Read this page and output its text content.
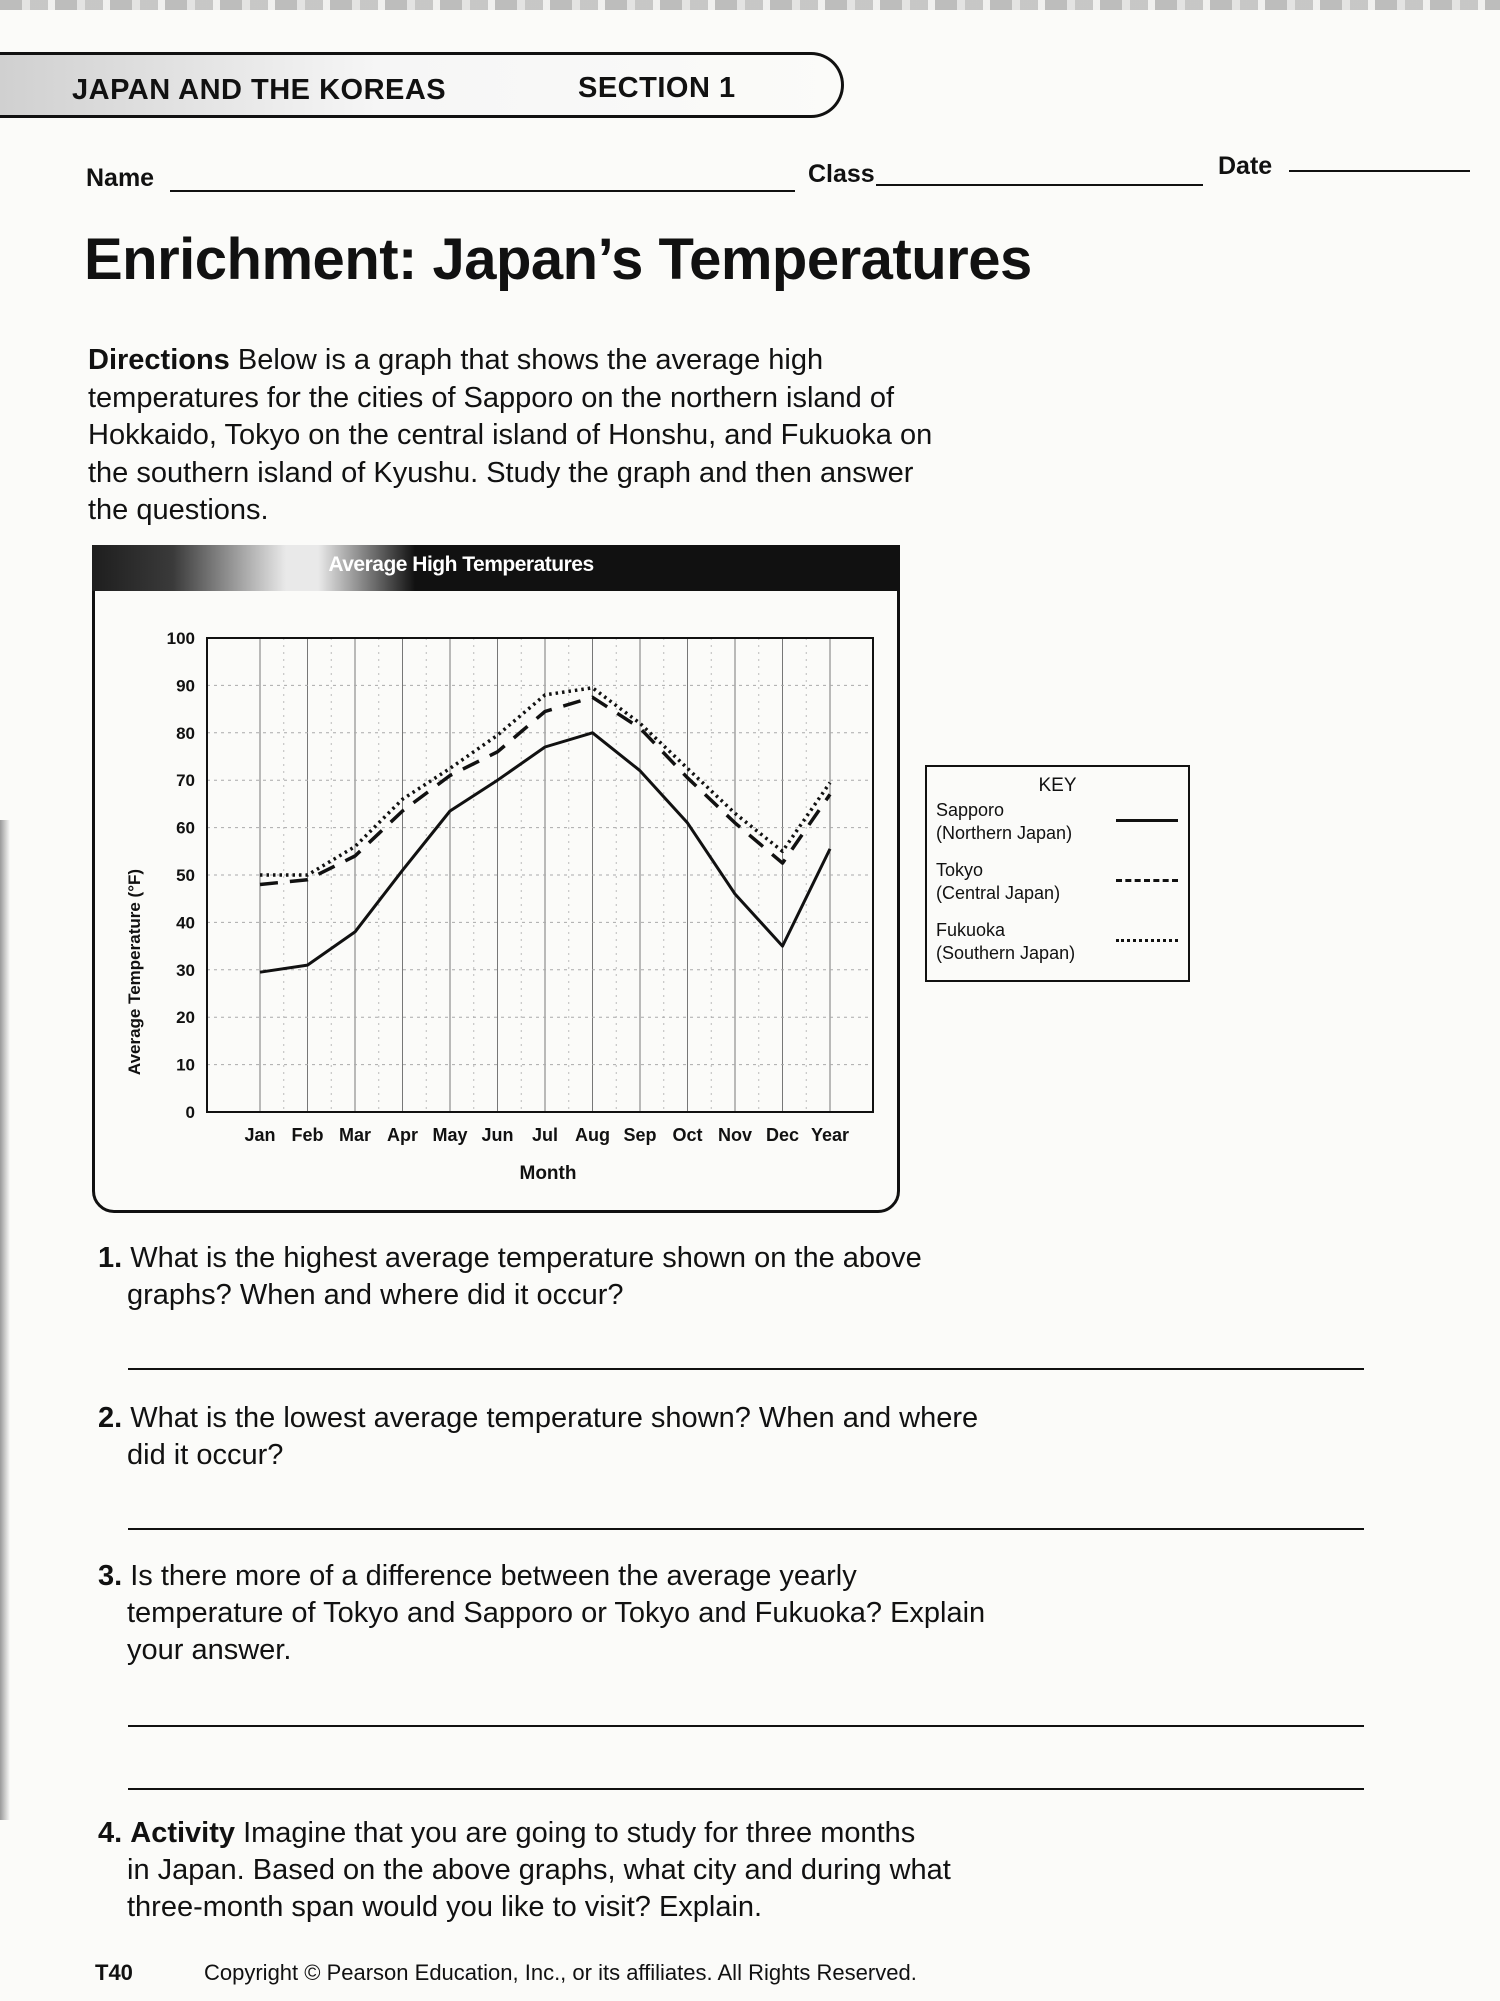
JAPAN AND THE KOREAS	SECTION 1
Name	Class	Date
Enrichment: Japan’s Temperatures
Directions Below is a graph that shows the average high
temperatures for the cities of Sapporo on the northern island of
Hokkaido, Tokyo on the central island of Honshu, and Fukuoka on
the southern island of Kyushu. Study the graph and then answer
the questions.
Average High Temperatures
0
10
20
30
40
50
60
70
80
90
100
Jan Feb Mar Apr May Jun Jul Aug Sep Oct Nov Dec Year
Month
Average Temperature (°F)
KEY
Sapporo
(Northern Japan)
Tokyo
(Central Japan)
Fukuoka
(Southern Japan)
1. What is the highest average temperature shown on the above
graphs? When and where did it occur?
2. What is the lowest average temperature shown? When and where
did it occur?
3. Is there more of a difference between the average yearly
temperature of Tokyo and Sapporo or Tokyo and Fukuoka? Explain
your answer.
4. Activity Imagine that you are going to study for three months
in Japan. Based on the above graphs, what city and during what
three-month span would you like to visit? Explain.
T40	Copyright © Pearson Education, Inc., or its affiliates. All Rights Reserved.
